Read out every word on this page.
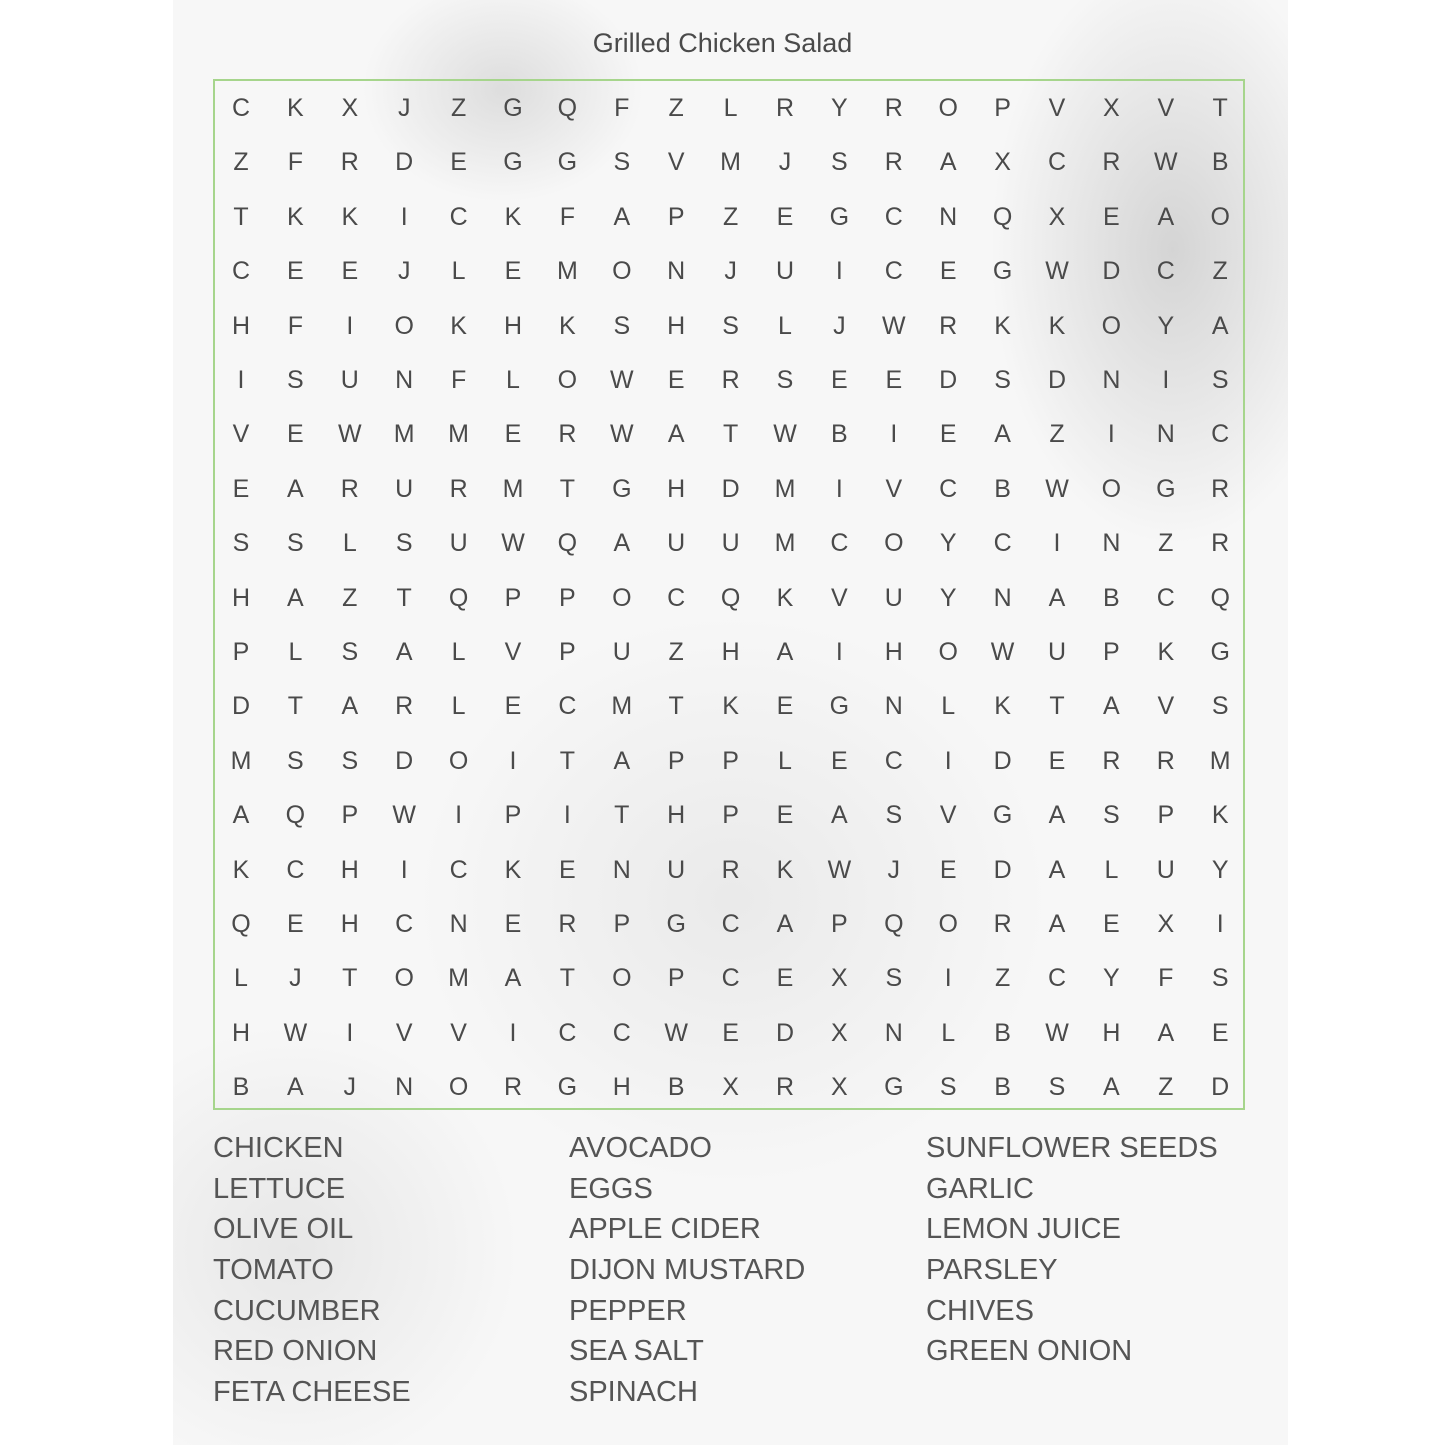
Grilled Chicken Salad
C	K	X	J	Z	G	Q	F	Z	L	R	Y	R	O	P	V	X	V	T
Z	F	R	D	E	G	G	S	V	M	J	S	R	A	X	C	R	W	B
T	K	K	I	C	K	F	A	P	Z	E	G	C	N	Q	X	E	A	O
C	E	E	J	L	E	M	O	N	J	U	I	C	E	G	W	D	C	Z
H	F	I	O	K	H	K	S	H	S	L	J	W	R	K	K	O	Y	A
I	S	U	N	F	L	O	W	E	R	S	E	E	D	S	D	N	I	S
V	E	W	M	M	E	R	W	A	T	W	B	I	E	A	Z	I	N	C
E	A	R	U	R	M	T	G	H	D	M	I	V	C	B	W	O	G	R
S	S	L	S	U	W	Q	A	U	U	M	C	O	Y	C	I	N	Z	R
H	A	Z	T	Q	P	P	O	C	Q	K	V	U	Y	N	A	B	C	Q
P	L	S	A	L	V	P	U	Z	H	A	I	H	O	W	U	P	K	G
D	T	A	R	L	E	C	M	T	K	E	G	N	L	K	T	A	V	S
M	S	S	D	O	I	T	A	P	P	L	E	C	I	D	E	R	R	M
A	Q	P	W	I	P	I	T	H	P	E	A	S	V	G	A	S	P	K
K	C	H	I	C	K	E	N	U	R	K	W	J	E	D	A	L	U	Y
Q	E	H	C	N	E	R	P	G	C	A	P	Q	O	R	A	E	X	I
L	J	T	O	M	A	T	O	P	C	E	X	S	I	Z	C	Y	F	S
H	W	I	V	V	I	C	C	W	E	D	X	N	L	B	W	H	A	E
B	A	J	N	O	R	G	H	B	X	R	X	G	S	B	S	A	Z	D
CHICKEN
LETTUCE
OLIVE OIL
TOMATO
CUCUMBER
RED ONION
FETA CHEESE
AVOCADO
EGGS
APPLE CIDER
DIJON MUSTARD
PEPPER
SEA SALT
SPINACH
SUNFLOWER SEEDS
GARLIC
LEMON JUICE
PARSLEY
CHIVES
GREEN ONION
